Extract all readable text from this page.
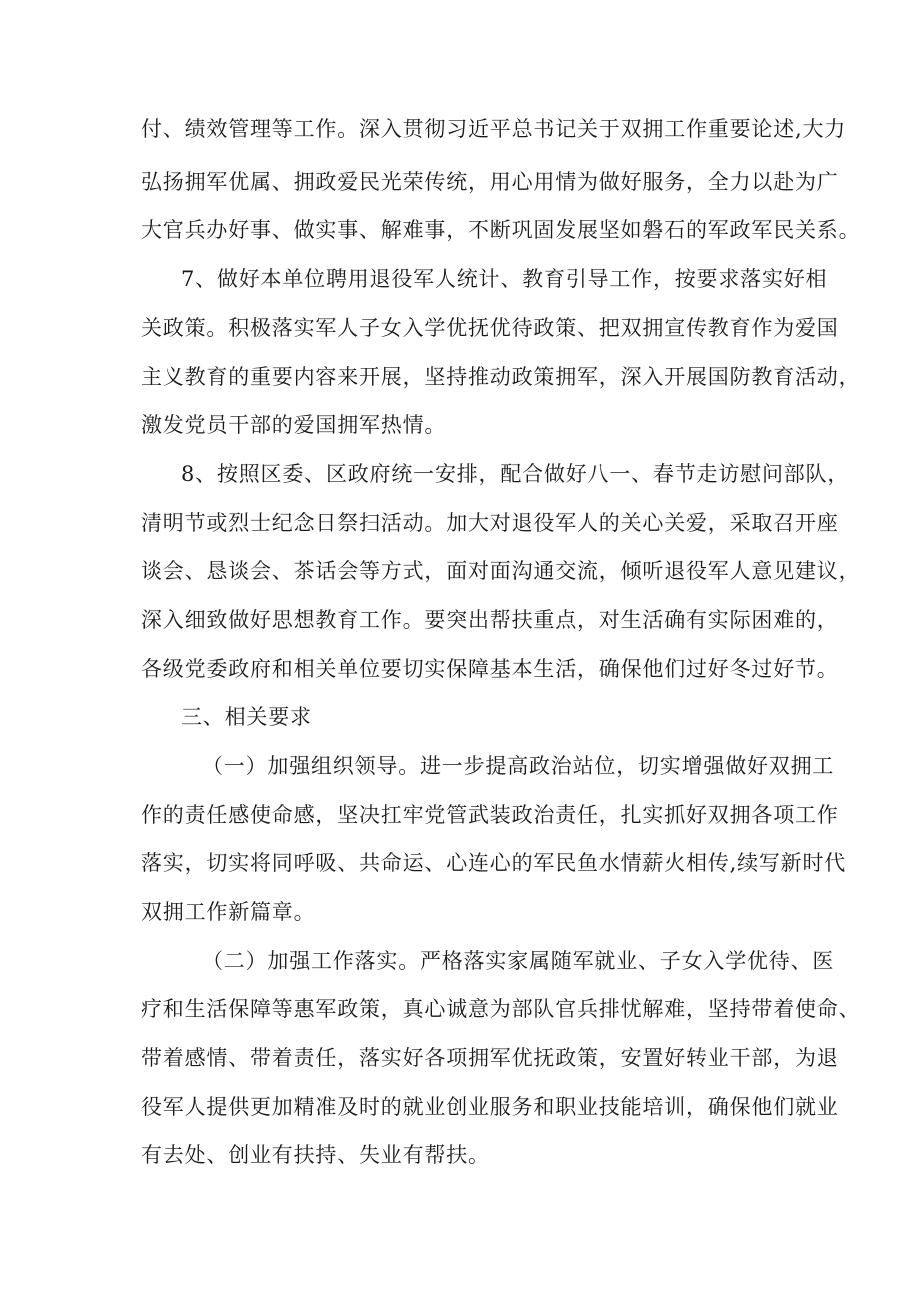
付、绩效管理等工作。深入贯彻习近平总书记关于双拥工作重要论述,大力
弘扬拥军优属、拥政爱民光荣传统，用心用情为做好服务，全力以赴为广
大官兵办好事、做实事、解难事，不断巩固发展坚如磐石的军政军民关系。
7、做好本单位聘用退役军人统计、教育引导工作，按要求落实好相
关政策。积极落实军人子女入学优抚优待政策、把双拥宣传教育作为爱国
主义教育的重要内容来开展，坚持推动政策拥军，深入开展国防教育活动，
激发党员干部的爱国拥军热情。
8、按照区委、区政府统一安排，配合做好八一、春节走访慰问部队，
清明节或烈士纪念日祭扫活动。加大对退役军人的关心关爱，采取召开座
谈会、恳谈会、茶话会等方式，面对面沟通交流，倾听退役军人意见建议，
深入细致做好思想教育工作。要突出帮扶重点，对生活确有实际困难的，
各级党委政府和相关单位要切实保障基本生活，确保他们过好冬过好节。
三、相关要求
（一）加强组织领导。进一步提高政治站位，切实增强做好双拥工
作的责任感使命感，坚决扛牢党管武装政治责任，扎实抓好双拥各项工作
落实，切实将同呼吸、共命运、心连心的军民鱼水情薪火相传,续写新时代
双拥工作新篇章。
（二）加强工作落实。严格落实家属随军就业、子女入学优待、医
疗和生活保障等惠军政策，真心诚意为部队官兵排忧解难，坚持带着使命、
带着感情、带着责任，落实好各项拥军优抚政策，安置好转业干部，为退
役军人提供更加精准及时的就业创业服务和职业技能培训，确保他们就业
有去处、创业有扶持、失业有帮扶。
